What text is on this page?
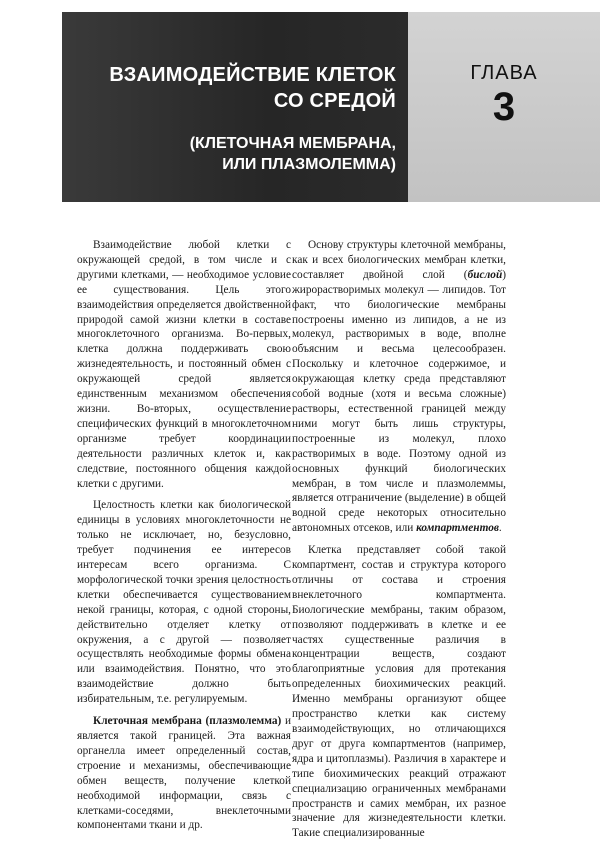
ВЗАИМОДЕЙСТВИЕ КЛЕТОК
СО СРЕДОЙ
(КЛЕТОЧНАЯ МЕМБРАНА,
ИЛИ ПЛАЗМОЛЕММА)
ГЛАВА
3

Взаимодействие любой клетки с окружающей средой, в том числе и с другими клетками, — необходимое условие ее существования. Цель этого взаимодействия определяется двойственной природой самой жизни клетки в составе многоклеточного организма. Во-первых, клетка должна поддерживать свою жизнедеятельность, и постоянный обмен с окружающей средой является единственным механизмом обеспечения жизни. Во-вторых, осуществление специфических функций в многоклеточном организме требует координации деятельности различных клеток и, как следствие, постоянного общения каждой клетки с другими.

Целостность клетки как биологической единицы в условиях многоклеточности не только не исключает, но, безусловно, требует подчинения ее интересов интересам всего организма. С морфологической точки зрения целостность клетки обеспечивается существованием некой границы, которая, с одной стороны, действительно отделяет клетку от окружения, а с другой — позволяет осуществлять необходимые формы обмена или взаимодействия. Понятно, что это взаимодействие должно быть избирательным, т.е. регулируемым.

Клеточная мембрана (плазмолемма) и является такой границей. Эта важная органелла имеет определенный состав, строение и механизмы, обеспечивающие обмен веществ, получение клеткой необходимой информации, связь с клетками-соседями, внеклеточными компонентами ткани и др.

Основу структуры клеточной мембраны, как и всех биологических мембран клетки, составляет двойной слой (бислой) жирорастворимых молекул — липидов. Тот факт, что биологические мембраны построены именно из липидов, а не из молекул, растворимых в воде, вполне объясним и весьма целесообразен. Поскольку и клеточное содержимое, и окружающая клетку среда представляют собой водные (хотя и весьма сложные) растворы, естественной границей между ними могут быть лишь структуры, построенные из молекул, плохо растворимых в воде. Поэтому одной из основных функций биологических мембран, в том числе и плазмолеммы, является отграничение (выделение) в общей водной среде некоторых относительно автономных отсеков, или компартментов.

Клетка представляет собой такой компартмент, состав и структура которого отличны от состава и строения внеклеточного компартмента. Биологические мембраны, таким образом, позволяют поддерживать в клетке и ее частях существенные различия в концентрации веществ, создают благоприятные условия для протекания определенных биохимических реакций. Именно мембраны организуют общее пространство клетки как систему взаимодействующих, но отличающихся друг от друга компартментов (например, ядра и цитоплазмы). Различия в характере и типе биохимических реакций отражают специализацию ограниченных мембранами пространств и самих мембран, их разное значение для жизнедеятельности клетки. Такие специализированные
